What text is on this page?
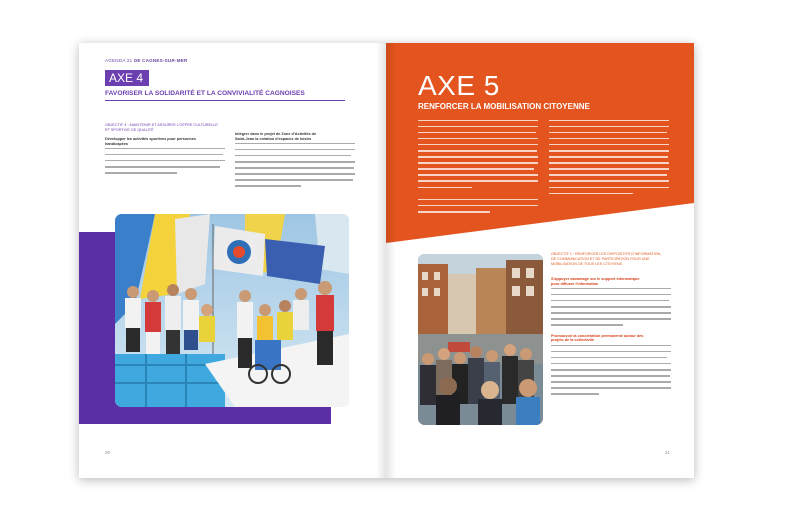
AGENDA 21 DE CAGNES-SUR-MER
AXE 4
FAVORISER LA SOLIDARITÉ ET LA CONVIVIALITÉ CAGNOISES
OBJECTIF 4 : MAINTENIR ET ASSURER L'OFFRE CULTURELLE
ET SPORTIVE DE QUALITÉ
Développer les activités sportives pour personnes
handicapées
Intégrer dans le projet de Zone d'Activités de
Saint-Jean la création d'espaces de loisirs
20
AXE 5
RENFORCER LA MOBILISATION CITOYENNE
OBJECTIF 1 : RENFORCER LES DISPOSITIFS D'INFORMATION,
DE COMMUNICATION ET DE PARTICIPATION POUR UNE
MOBILISATION DE TOUS LES CITOYENS
S'appuyer davantage sur le support informatique
pour diffuser l'information
Promouvoir la concertation permanente autour des
projets de la collectivité
21
